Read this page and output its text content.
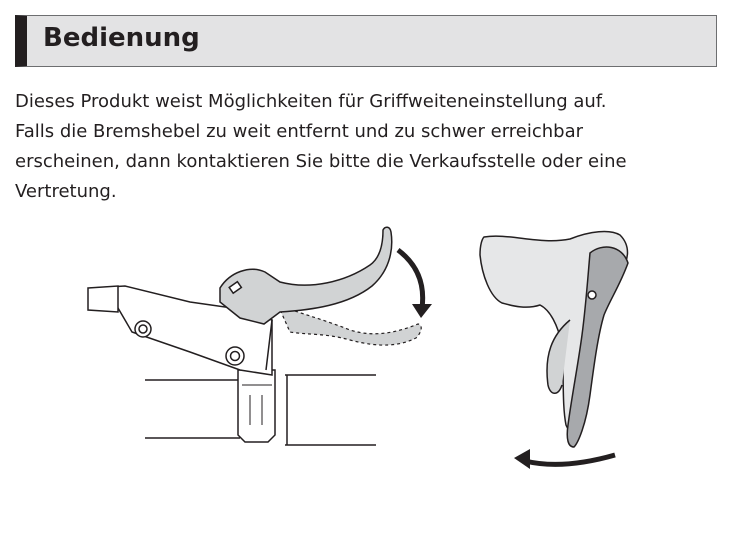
Bedienung
Dieses Produkt weist Möglichkeiten für Griffweiteneinstellung auf.
Falls die Bremshebel zu weit entfernt und zu schwer erreichbar
erscheinen, dann kontaktieren Sie bitte die Verkaufsstelle oder eine
Vertretung.
